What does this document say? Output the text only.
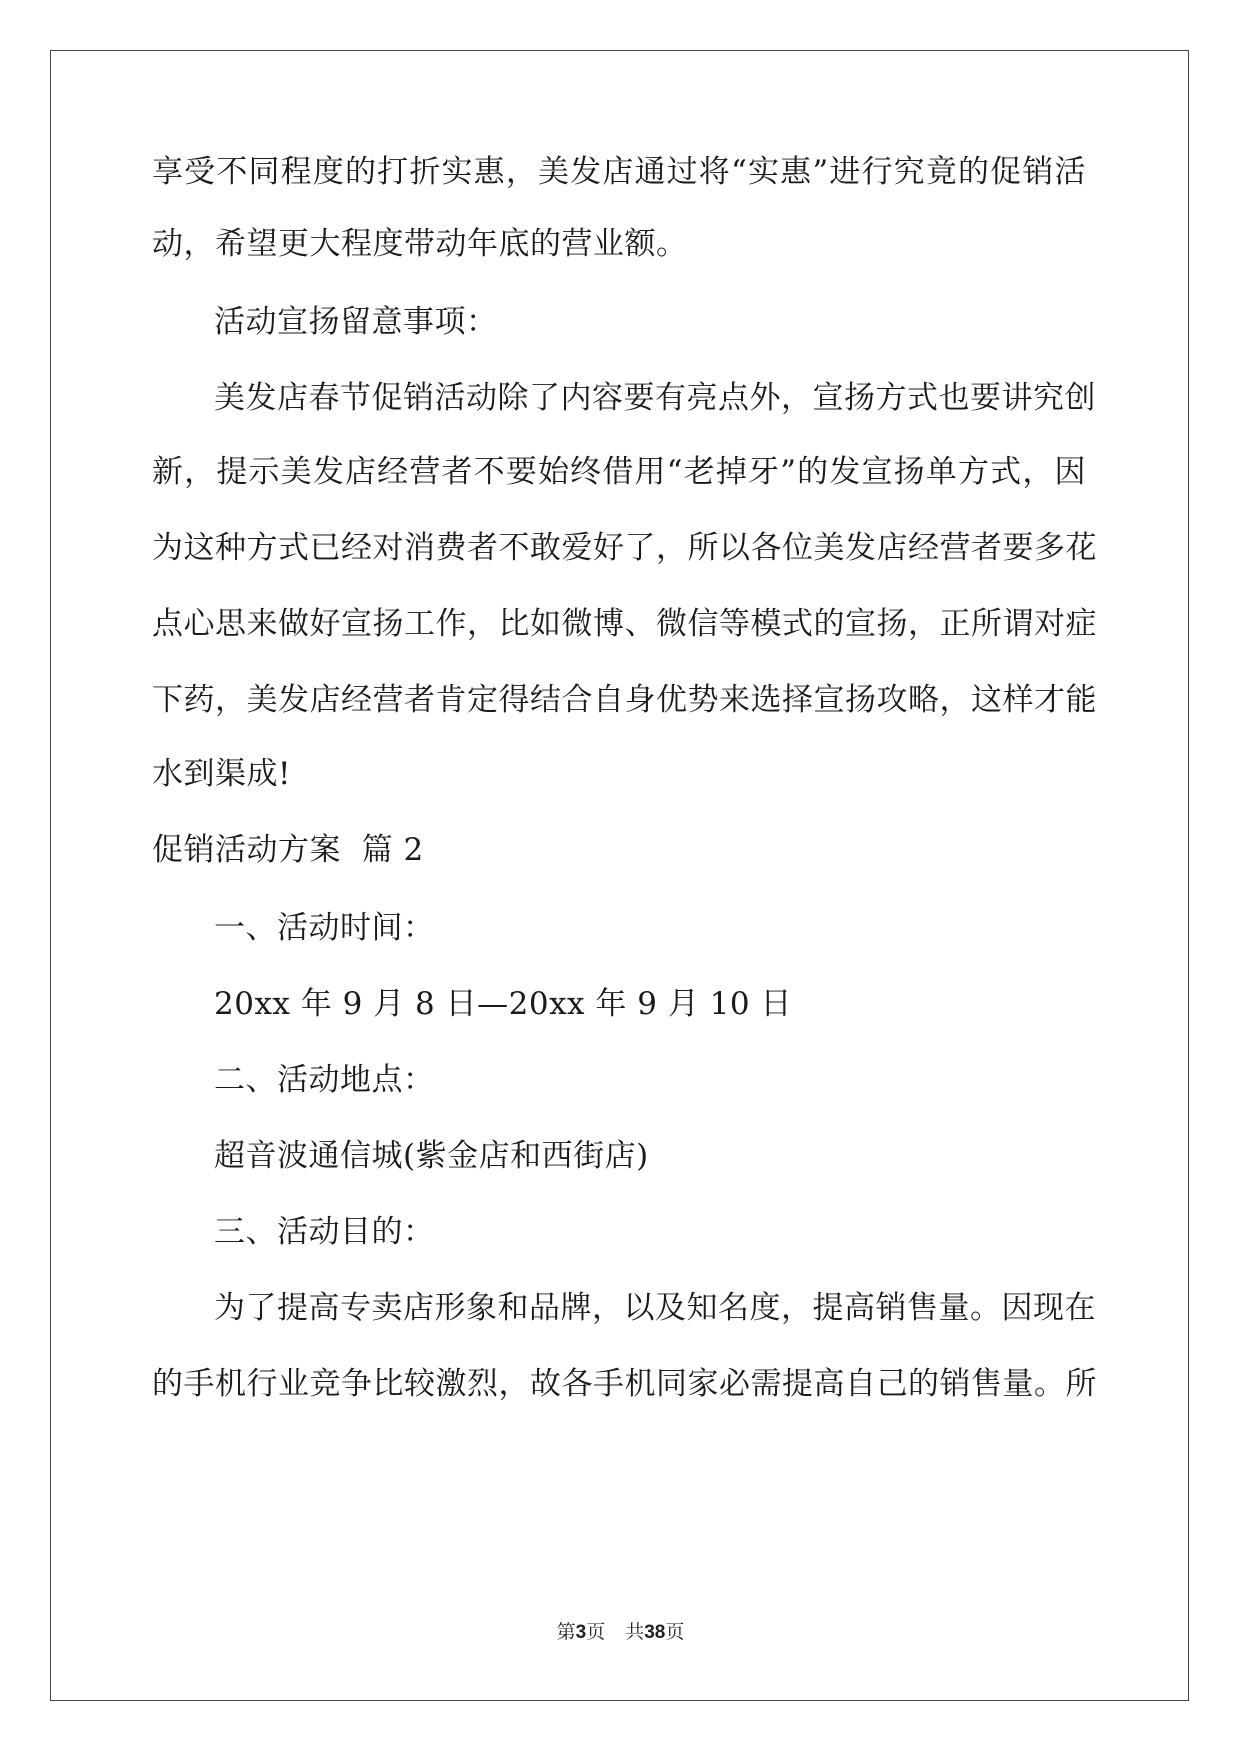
享受不同程度的打折实惠，美发店通过将“实惠”进行究竟的促销活
动，希望更大程度带动年底的营业额。
活动宣扬留意事项：
美发店春节促销活动除了内容要有亮点外，宣扬方式也要讲究创
新，提示美发店经营者不要始终借用“老掉牙”的发宣扬单方式，因
为这种方式已经对消费者不敢爱好了，所以各位美发店经营者要多花
点心思来做好宣扬工作，比如微博、微信等模式的宣扬，正所谓对症
下药，美发店经营者肯定得结合自身优势来选择宣扬攻略，这样才能
水到渠成!
促销活动方案  篇 2
一、活动时间：
20xx 年 9 月 8 日—20xx 年 9 月 10 日
二、活动地点：
超音波通信城(紫金店和西街店)
三、活动目的：
为了提高专卖店形象和品牌，以及知名度，提高销售量。因现在
的手机行业竞争比较激烈，故各手机同家必需提高自己的销售量。所
第3页 共38页
